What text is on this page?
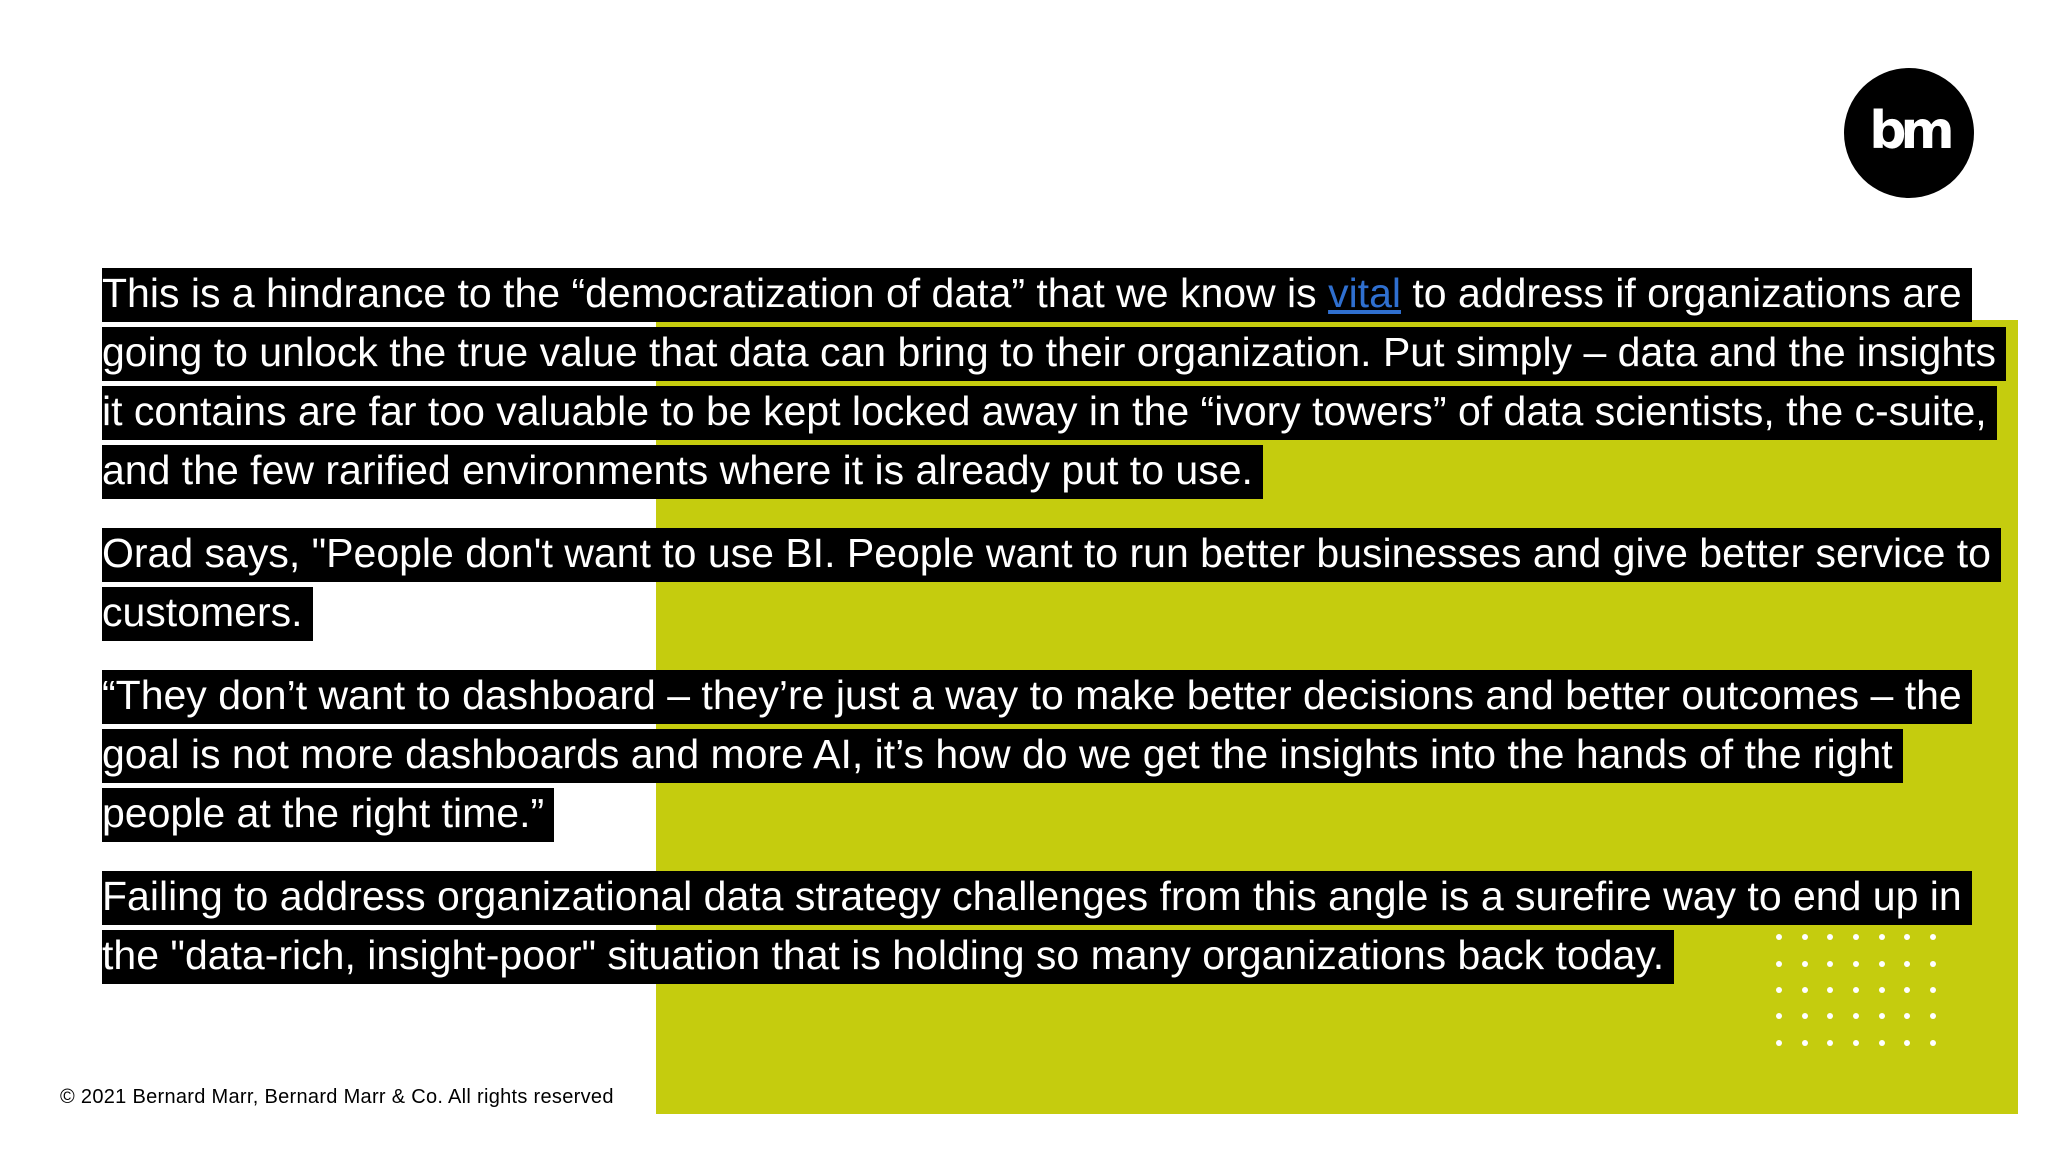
bm

This is a hindrance to the “democratization of data” that we know is vital to address if organizations are going to unlock the true value that data can bring to their organization. Put simply – data and the insights it contains are far too valuable to be kept locked away in the “ivory towers” of data scientists, the c-suite, and the few rarified environments where it is already put to use.

Orad says, "People don't want to use BI. People want to run better businesses and give better service to customers.

“They don’t want to dashboard – they’re just a way to make better decisions and better outcomes – the goal is not more dashboards and more AI, it’s how do we get the insights into the hands of the right people at the right time.”

Failing to address organizational data strategy challenges from this angle is a surefire way to end up in the "data-rich, insight-poor" situation that is holding so many organizations back today.

© 2021 Bernard Marr, Bernard Marr & Co. All rights reserved
